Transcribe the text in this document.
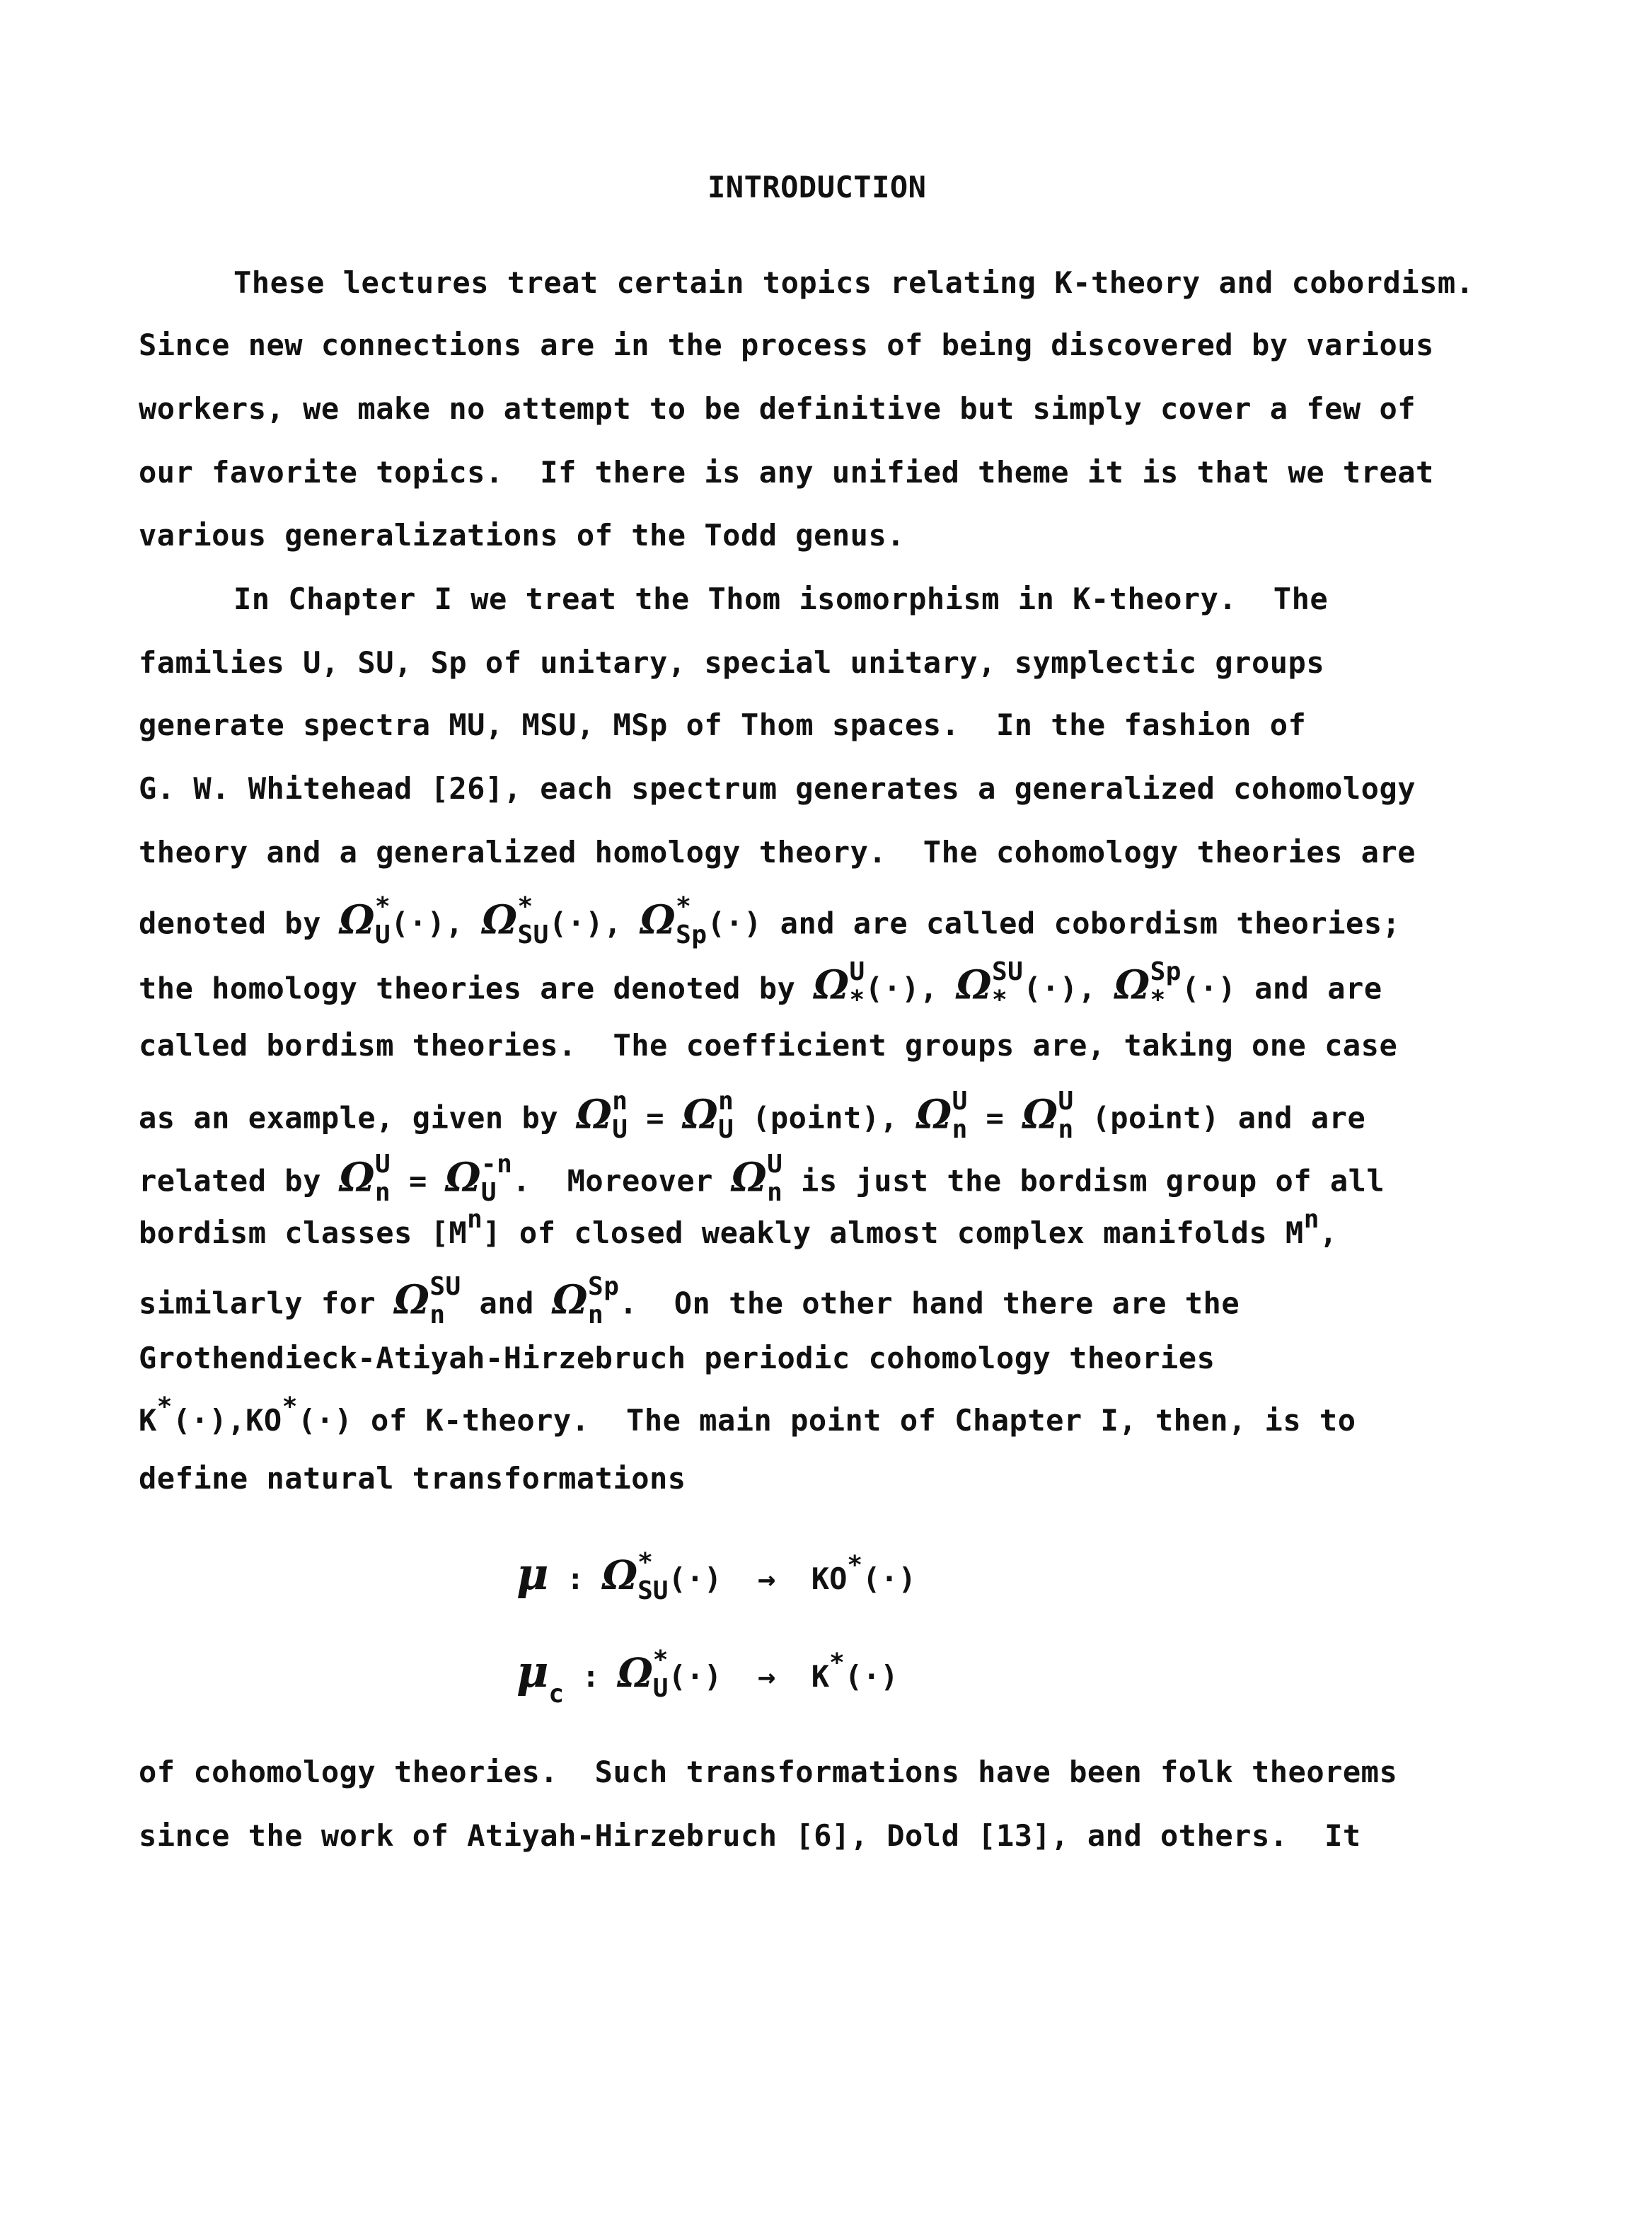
INTRODUCTION
These lectures treat certain topics relating K-theory and cobordism.
Since new connections are in the process of being discovered by various
workers, we make no attempt to be definitive but simply cover a few of
our favorite topics.  If there is any unified theme it is that we treat
various generalizations of the Todd genus.
In Chapter I we treat the Thom isomorphism in K-theory.  The
families U, SU, Sp of unitary, special unitary, symplectic groups
generate spectra MU, MSU, MSp of Thom spaces.  In the fashion of
G. W. Whitehead [26], each spectrum generates a generalized cohomology
theory and a generalized homology theory.  The cohomology theories are
denoted by Ω *
U (·), Ω *
SU (·), Ω *
Sp (·) and are called cobordism theories;
the homology theories are denoted by Ω U
* (·), Ω SU
* (·), Ω Sp
* (·) and are
called bordism theories.  The coefficient groups are, taking one case
as an example, given by Ω n
U = Ω n
U (point), Ω U
n = Ω U
n (point) and are
related by Ω U
n = Ω -n
U .  Moreover Ω U
n is just the bordism group of all
bordism classes [Mn] of closed weakly almost complex manifolds Mn,
similarly for Ω SU
n and Ω Sp
n .  On the other hand there are the
Grothendieck-Atiyah-Hirzebruch periodic cohomology theories
K*(·),KO*(·) of K-theory.  The main point of Chapter I, then, is to
define natural transformations
μ : Ω *
SU (·) → KO*(·)
μc : Ω *
U (·) → K*(·)
of cohomology theories.  Such transformations have been folk theorems
since the work of Atiyah-Hirzebruch [6], Dold [13], and others.  It
